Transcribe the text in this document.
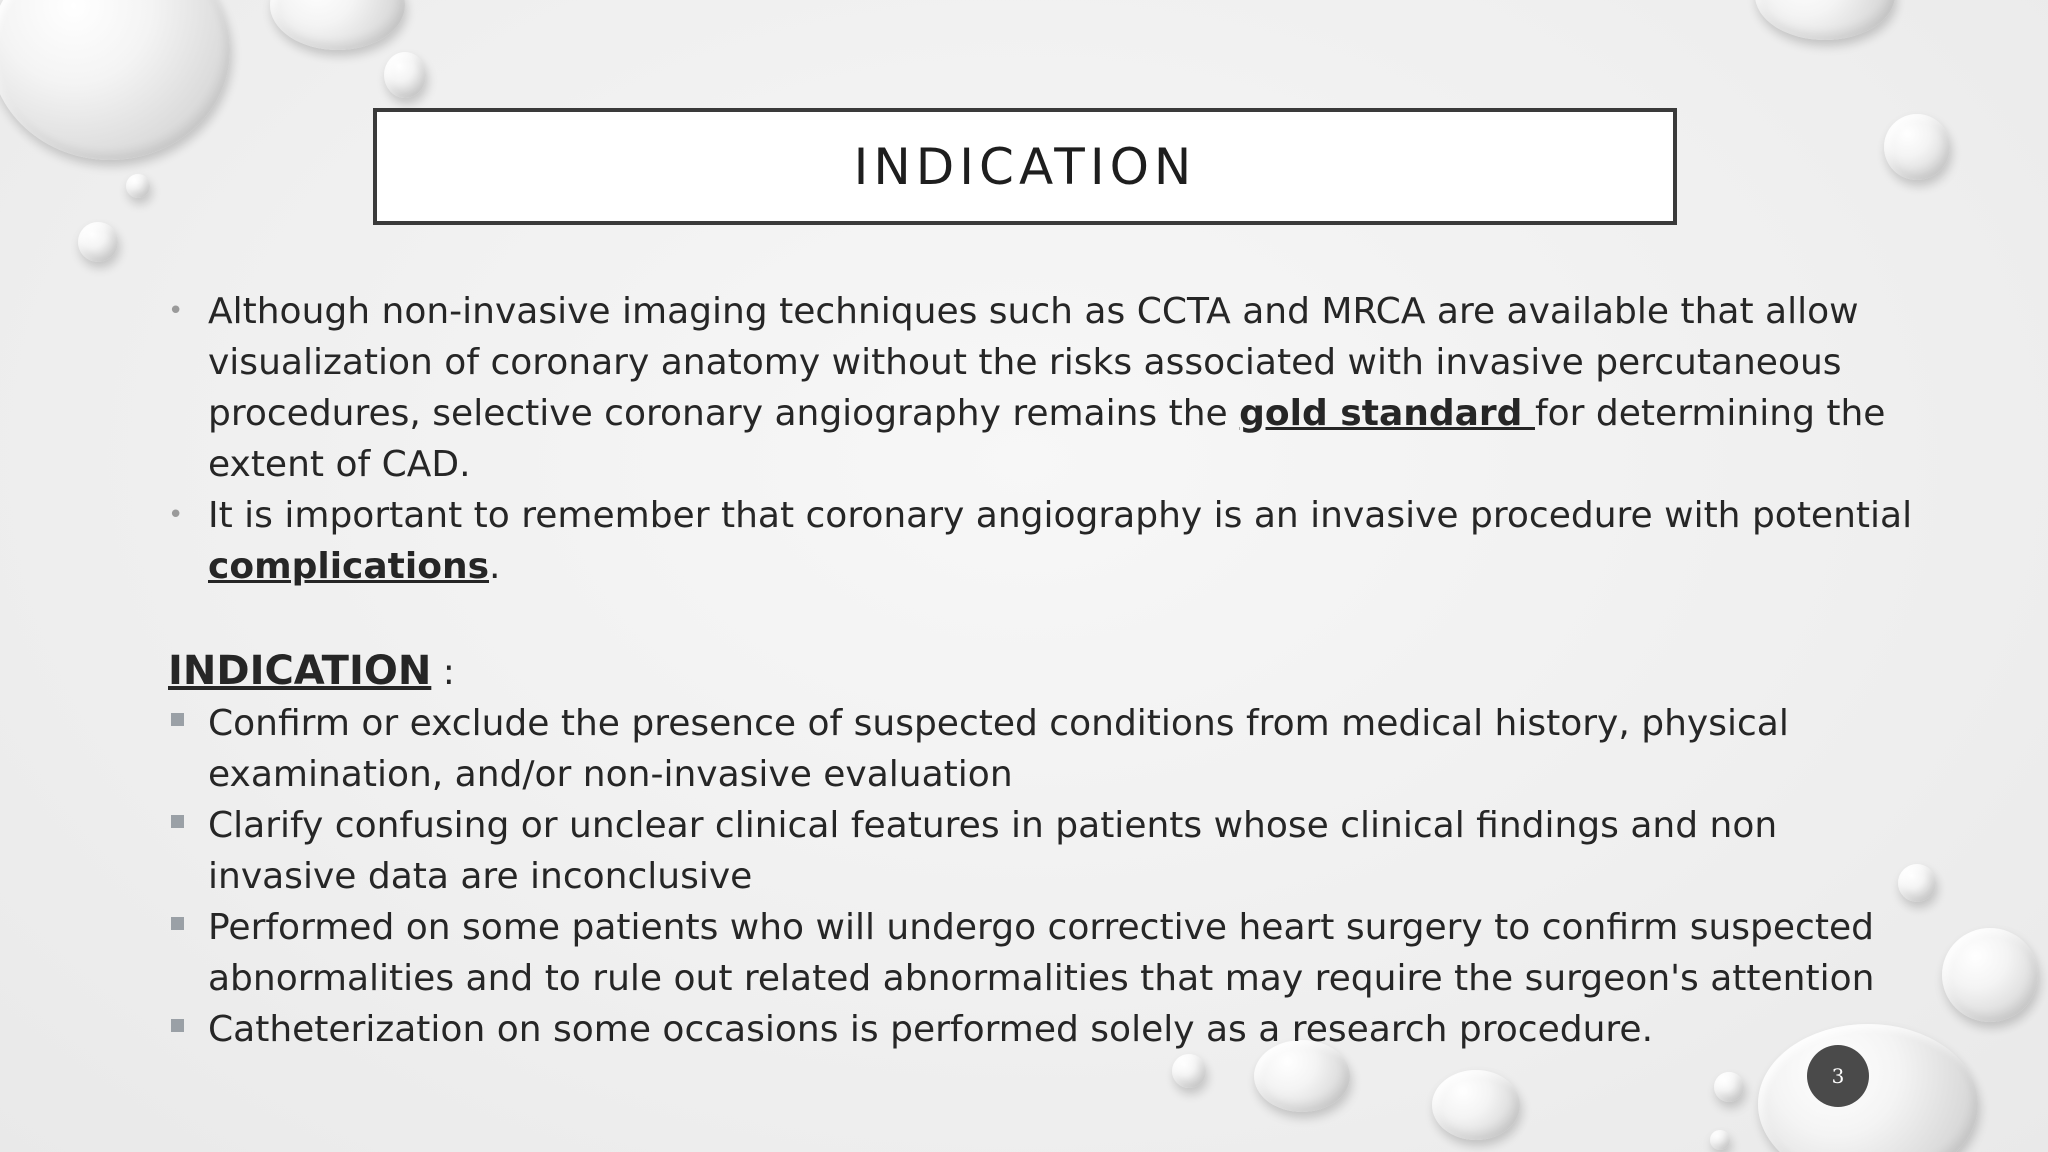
INDICATION
• Although non-invasive imaging techniques such as CCTA and MRCA are available that allow visualization of coronary anatomy without the risks associated with invasive percutaneous procedures, selective coronary angiography remains the gold standard for determining the extent of CAD.
• It is important to remember that coronary angiography is an invasive procedure with potential complications.
INDICATION :
Confirm or exclude the presence of suspected conditions from medical history, physical examination, and/or non-invasive evaluation
Clarify confusing or unclear clinical features in patients whose clinical findings and non invasive data are inconclusive
Performed on some patients who will undergo corrective heart surgery to confirm suspected abnormalities and to rule out related abnormalities that may require the surgeon's attention
Catheterization on some occasions is performed solely as a research procedure.
3
